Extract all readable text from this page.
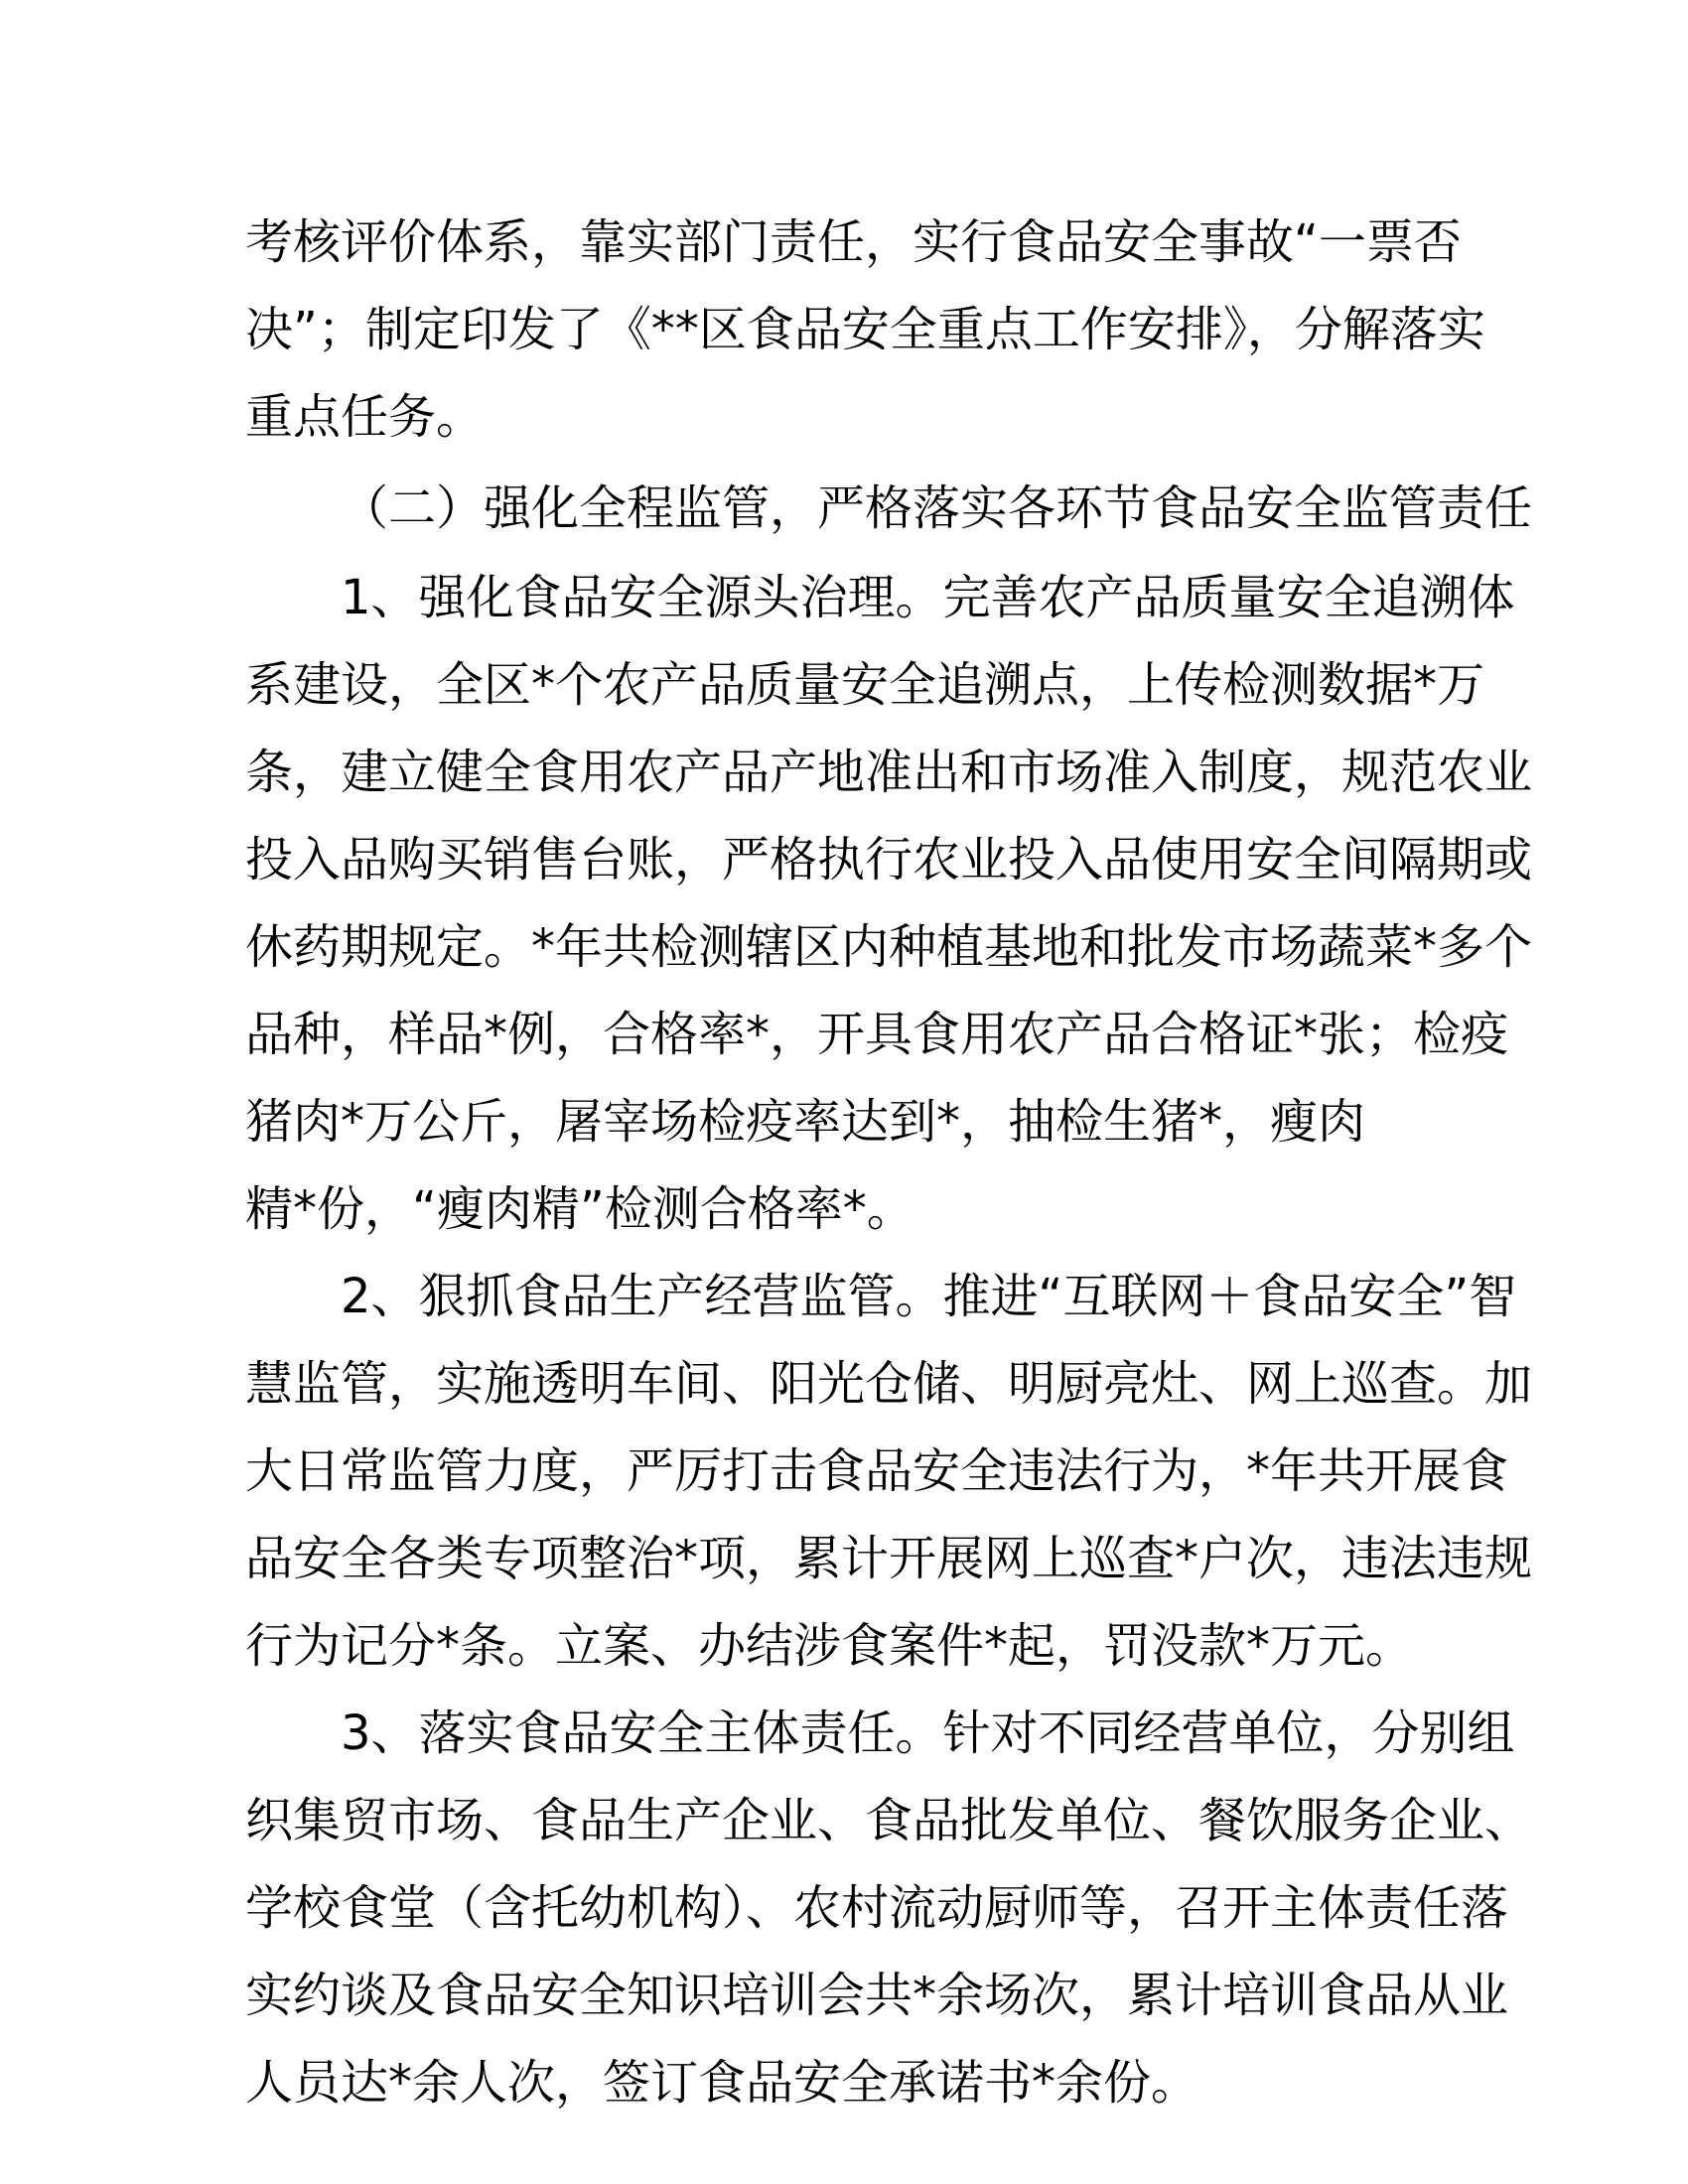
考核评价体系，靠实部门责任，实行食品安全事故“一票否
决”；制定印发了《**区食品安全重点工作安排》，分解落实
重点任务。
（二）强化全程监管，严格落实各环节食品安全监管责任
1、强化食品安全源头治理。完善农产品质量安全追溯体
系建设，全区*个农产品质量安全追溯点，上传检测数据*万
条，建立健全食用农产品产地准出和市场准入制度，规范农业
投入品购买销售台账，严格执行农业投入品使用安全间隔期或
休药期规定。*年共检测辖区内种植基地和批发市场蔬菜*多个
品种，样品*例，合格率*，开具食用农产品合格证*张；检疫
猪肉*万公斤，屠宰场检疫率达到*，抽检生猪*，瘦肉
精*份，“瘦肉精”检测合格率*。
2、狠抓食品生产经营监管。推进“互联网＋食品安全”智
慧监管，实施透明车间、阳光仓储、明厨亮灶、网上巡查。加
大日常监管力度，严厉打击食品安全违法行为，*年共开展食
品安全各类专项整治*项，累计开展网上巡查*户次，违法违规
行为记分*条。立案、办结涉食案件*起，罚没款*万元。
3、落实食品安全主体责任。针对不同经营单位，分别组
织集贸市场、食品生产企业、食品批发单位、餐饮服务企业、
学校食堂（含托幼机构）、农村流动厨师等，召开主体责任落
实约谈及食品安全知识培训会共*余场次，累计培训食品从业
人员达*余人次，签订食品安全承诺书*余份。
